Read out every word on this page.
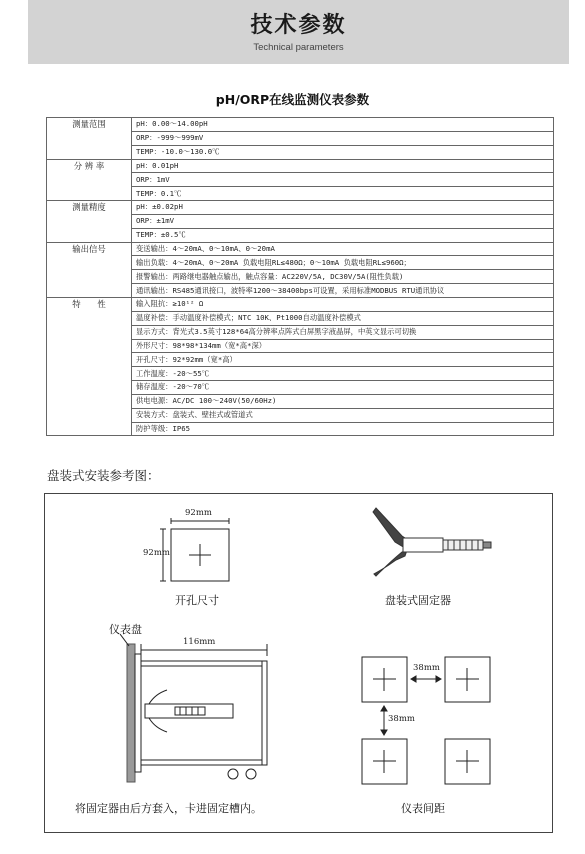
技术参数
Technical parameters
pH/ORP在线监测仪表参数
测量范围	pH：0.00～14.00pH
	ORP：-999～999mV
	TEMP：-10.0～130.0℃
分 辨 率	pH：0.01pH
	ORP：1mV
	TEMP：0.1℃
测量精度	pH：±0.02pH
	ORP：±1mV
	TEMP：±0.5℃
输出信号	变送输出：4～20mA、0～10mA、0～20mA
	输出负载：4～20mA、0～20mA 负载电阻RL≤480Ω；0～10mA 负载电阻RL≤960Ω；
	报警输出：两路继电器触点输出，触点容量：AC220V/5A, DC30V/5A(阻性负载)
	通讯输出：RS485通讯接口，波特率1200～38400bps可设置，采用标准MODBUS RTU通讯协议
特　　性	输入阻抗：≥10¹² Ω
	温度补偿：手动温度补偿模式；NTC 10K、Pt1000自动温度补偿模式
	显示方式：背光式3.5英寸128*64高分辨率点阵式白屏黑字液晶屏，中英文显示可切换
	外形尺寸：98*98*134mm（宽*高*深）
	开孔尺寸：92*92mm（宽*高）
	工作温度：-20～55℃
	储存温度：-20～70℃
	供电电源：AC/DC 100～240V(50/60Hz)
	安装方式：盘装式、壁挂式或管道式
	防护等级：IP65
盘装式安装参考图：
92mm
92mm
开孔尺寸	盘装式固定器
仪表盘
116mm
将固定器由后方套入，卡进固定槽内。
38mm
38mm
仪表间距
